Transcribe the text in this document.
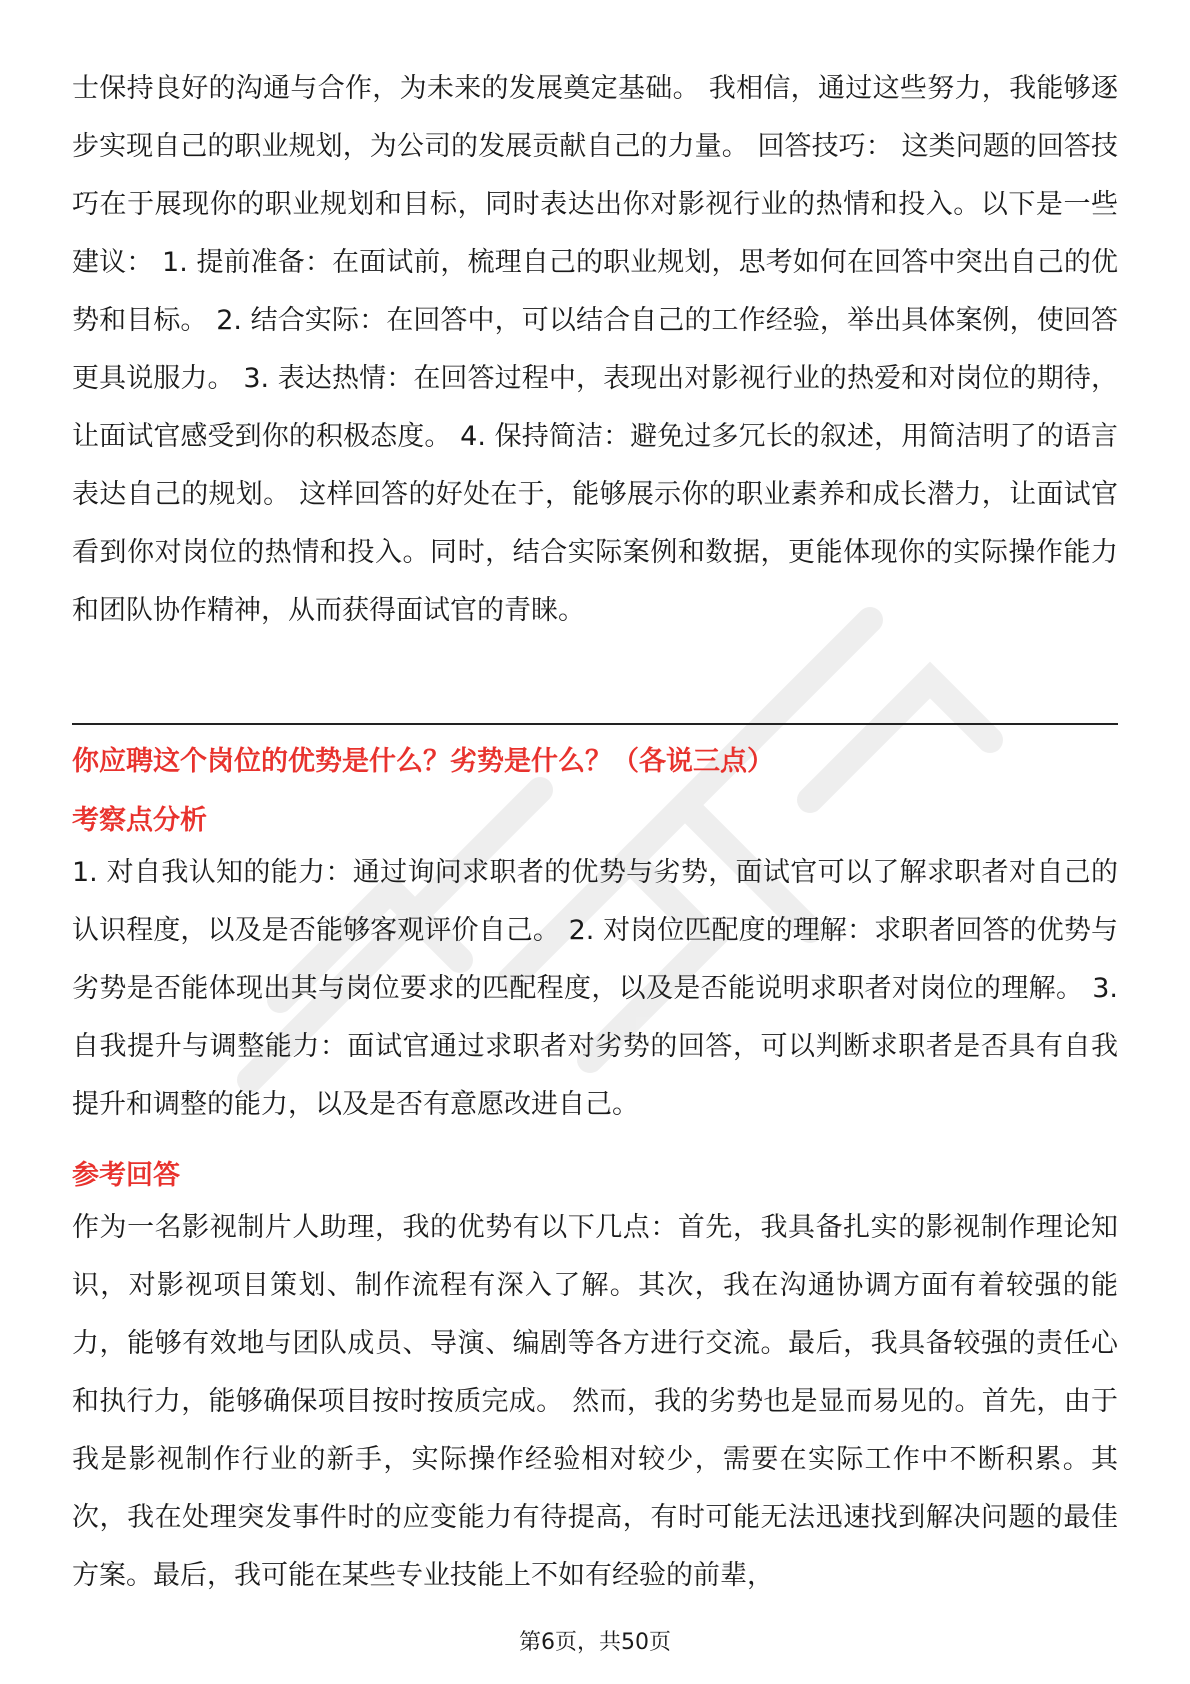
士保持良好的沟通与合作，为未来的发展奠定基础。 我相信，通过这些努力，我能够逐步实现自己的职业规划，为公司的发展贡献自己的力量。 回答技巧： 这类问题的回答技巧在于展现你的职业规划和目标，同时表达出你对影视行业的热情和投入。以下是一些建议： 1. 提前准备：在面试前，梳理自己的职业规划，思考如何在回答中突出自己的优势和目标。 2. 结合实际：在回答中，可以结合自己的工作经验，举出具体案例，使回答更具说服力。 3. 表达热情：在回答过程中，表现出对影视行业的热爱和对岗位的期待，让面试官感受到你的积极态度。 4. 保持简洁：避免过多冗长的叙述，用简洁明了的语言表达自己的规划。 这样回答的好处在于，能够展示你的职业素养和成长潜力，让面试官看到你对岗位的热情和投入。同时，结合实际案例和数据，更能体现你的实际操作能力和团队协作精神，从而获得面试官的青睐。

你应聘这个岗位的优势是什么？劣势是什么？（各说三点）
考察点分析

1. 对自我认知的能力：通过询问求职者的优势与劣势，面试官可以了解求职者对自己的认识程度，以及是否能够客观评价自己。 2. 对岗位匹配度的理解：求职者回答的优势与劣势是否能体现出其与岗位要求的匹配程度，以及是否能说明求职者对岗位的理解。 3. 自我提升与调整能力：面试官通过求职者对劣势的回答，可以判断求职者是否具有自我提升和调整的能力，以及是否有意愿改进自己。

参考回答

作为一名影视制片人助理，我的优势有以下几点：首先，我具备扎实的影视制作理论知识，对影视项目策划、制作流程有深入了解。其次，我在沟通协调方面有着较强的能力，能够有效地与团队成员、导演、编剧等各方进行交流。最后，我具备较强的责任心和执行力，能够确保项目按时按质完成。 然而，我的劣势也是显而易见的。首先，由于我是影视制作行业的新手，实际操作经验相对较少，需要在实际工作中不断积累。其次，我在处理突发事件时的应变能力有待提高，有时可能无法迅速找到解决问题的最佳方案。最后，我可能在某些专业技能上不如有经验的前辈，

第6页，共50页
